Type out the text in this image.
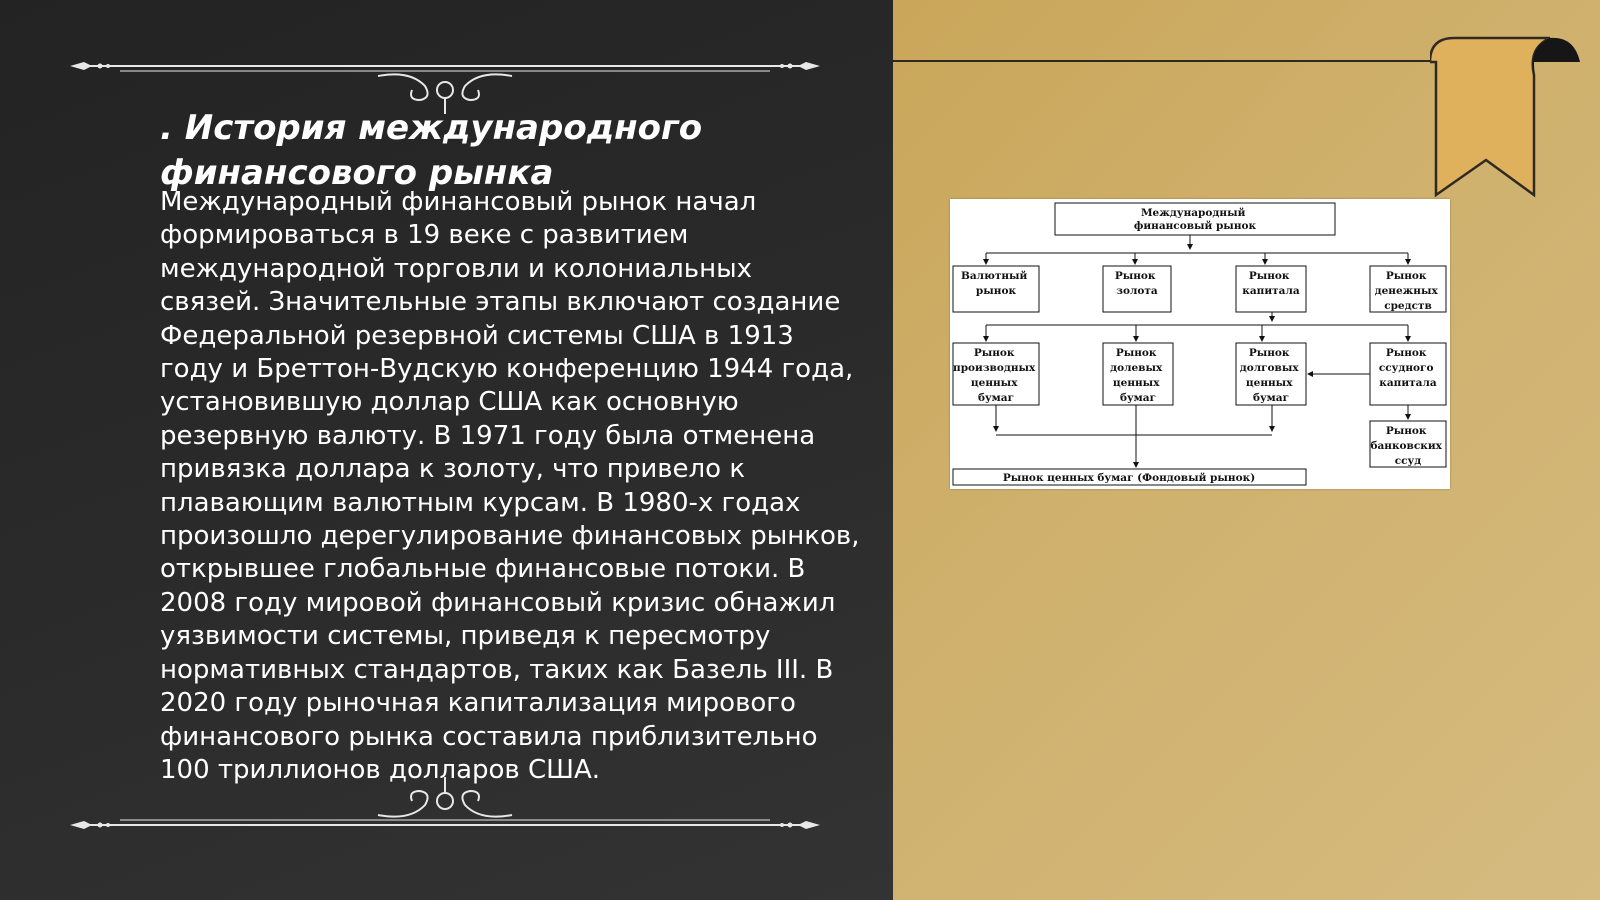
. История международного финансового рынка

Международный финансовый рынок начал формироваться в 19 веке с развитием международной торговли и колониальных связей. Значительные этапы включают создание Федеральной резервной системы США в 1913 году и Бреттон-Вудскую конференцию 1944 года, установившую доллар США как основную резервную валюту. В 1971 году была отменена привязка доллара к золоту, что привело к плавающим валютным курсам. В 1980-х годах произошло дерегулирование финансовых рынков, открывшее глобальные финансовые потоки. В 2008 году мировой финансовый кризис обнажил уязвимости системы, приведя к пересмотру нормативных стандартов, таких как Базель III. В 2020 году рыночная капитализация мирового финансового рынка составила приблизительно 100 триллионов долларов США.

Международный финансовый рынок
Валютный рынок
Рынок золота
Рынок капитала
Рынок денежных средств
Рынок производных ценных бумаг
Рынок долевых ценных бумаг
Рынок долговых ценных бумаг
Рынок ссудного капитала
Рынок банковских ссуд
Рынок ценных бумаг (Фондовый рынок)
